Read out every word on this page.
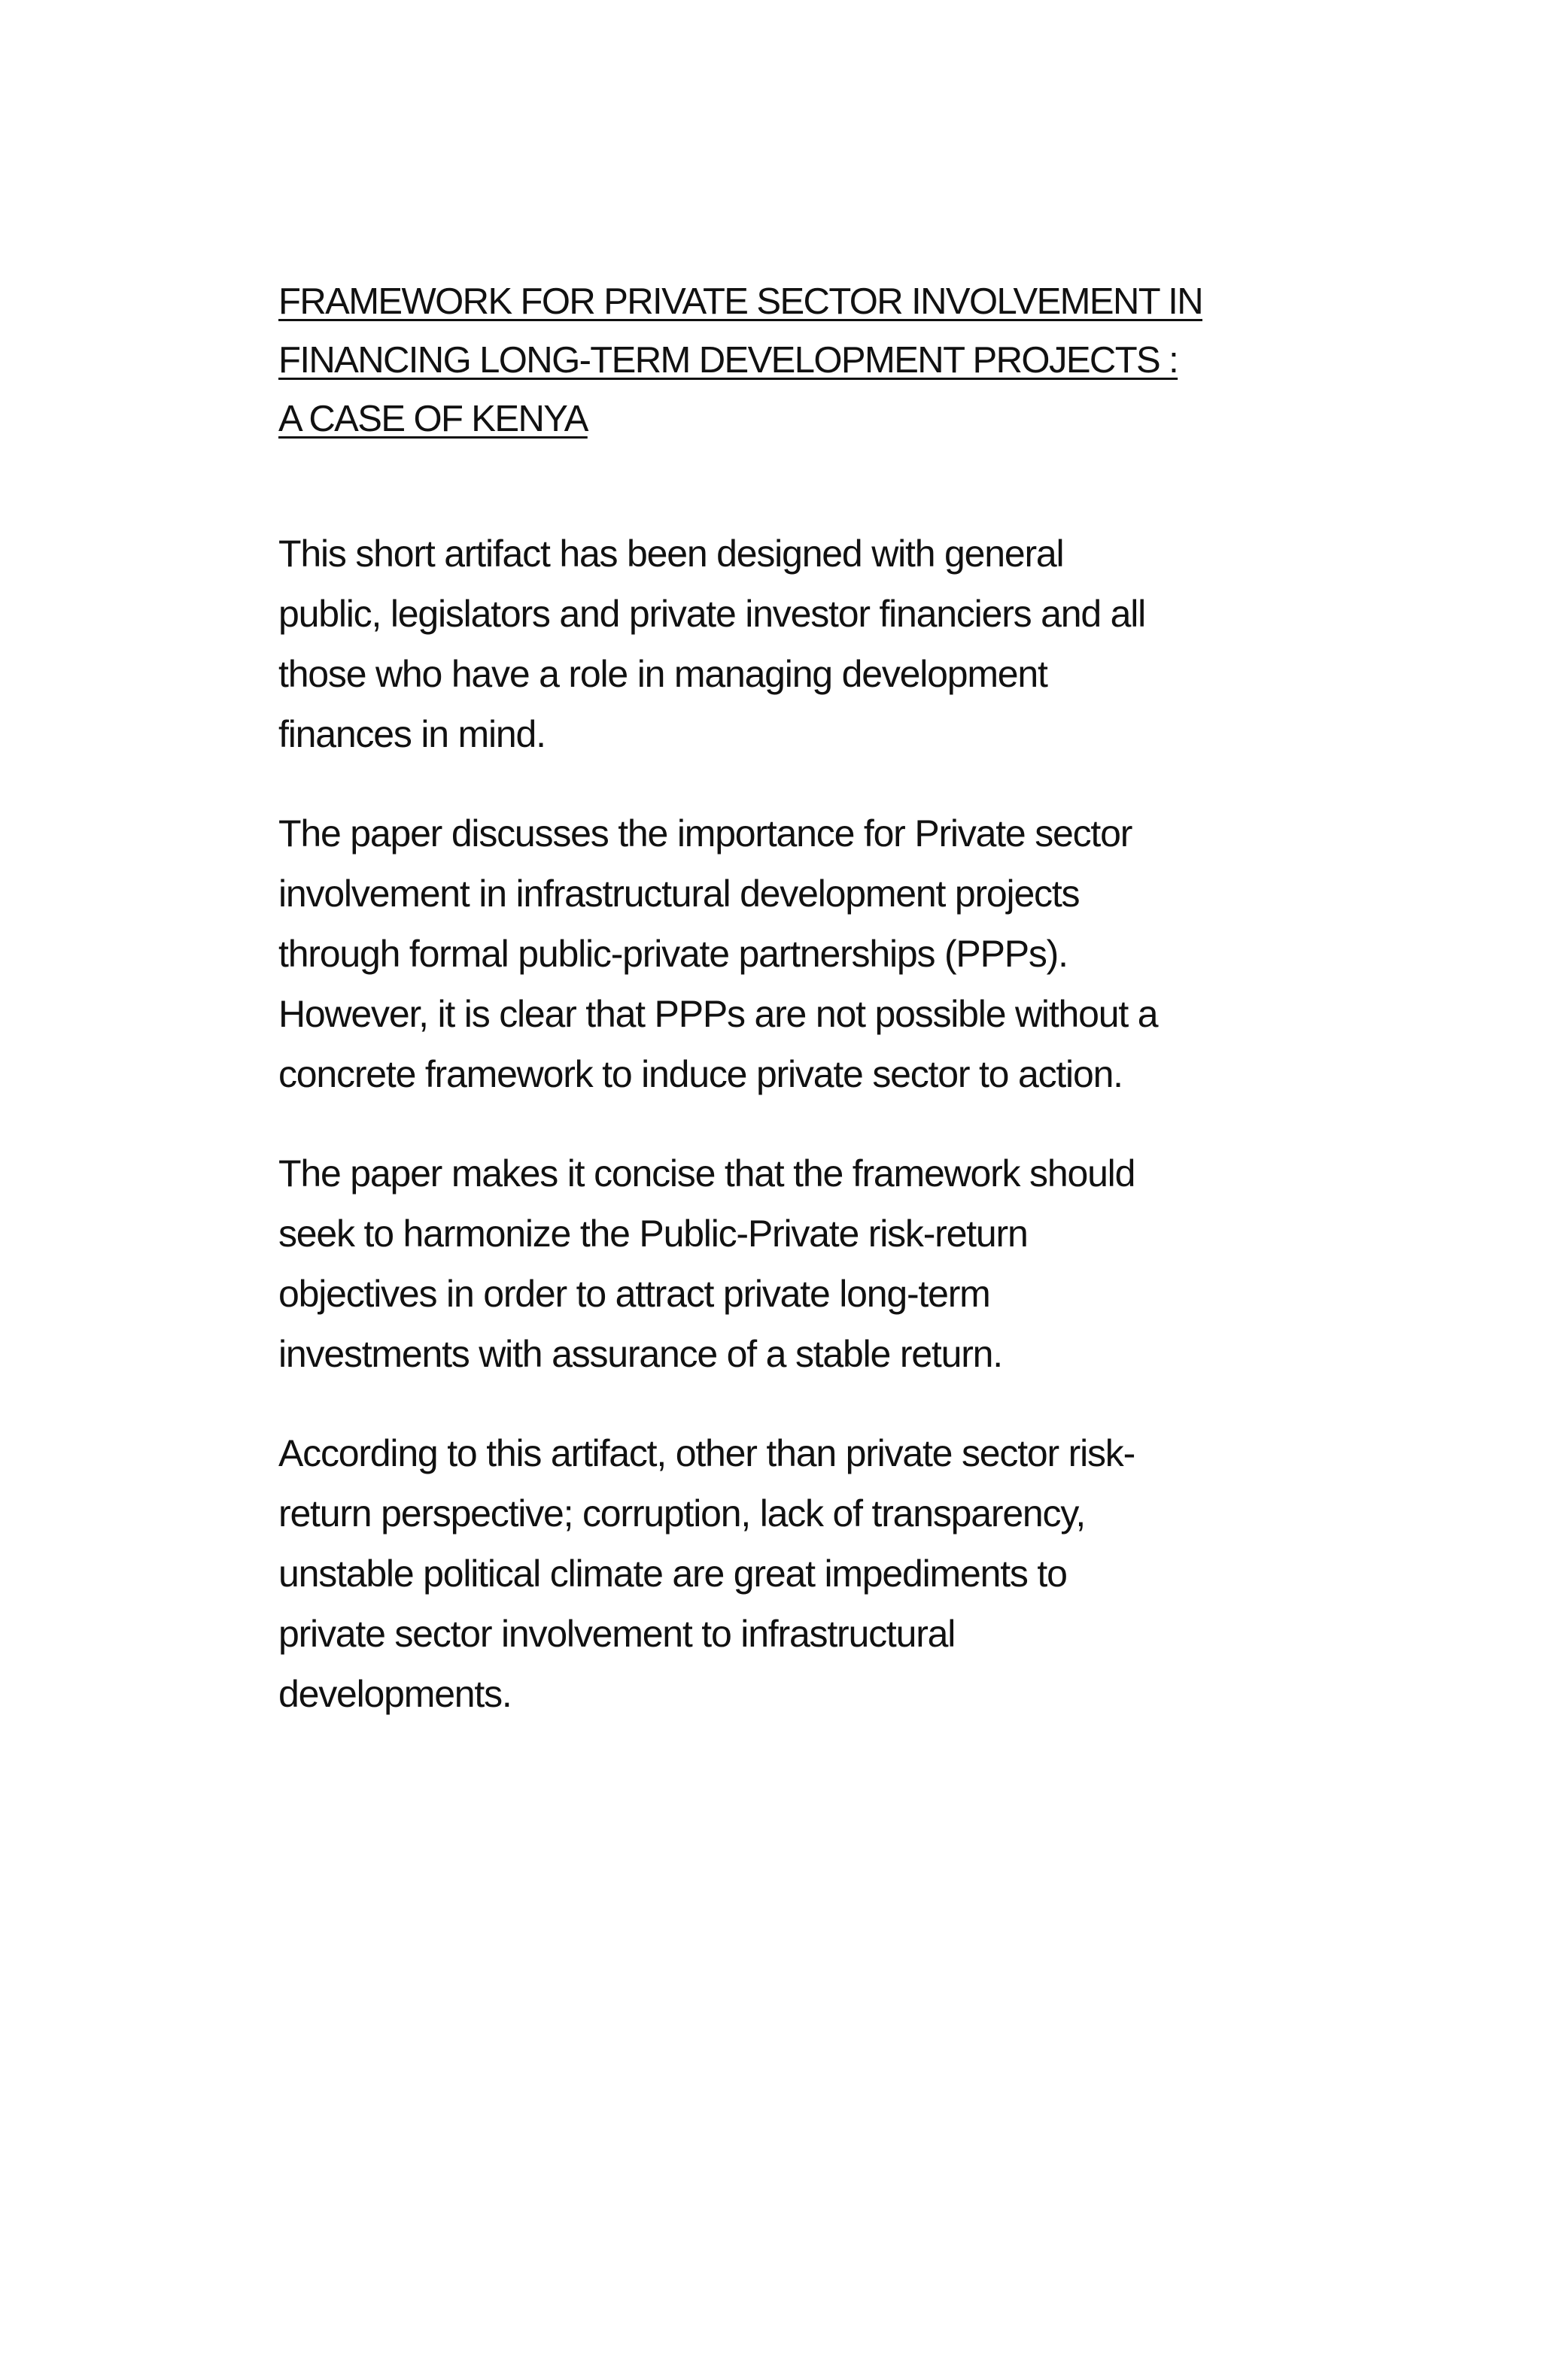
FRAMEWORK FOR PRIVATE SECTOR INVOLVEMENT IN
FINANCING LONG-TERM DEVELOPMENT PROJECTS :
A CASE OF KENYA
This short artifact has been designed with general
public, legislators and private investor financiers and all
those who have a role in managing development
finances in mind.
The paper discusses the importance for Private sector
involvement in infrastructural development projects
through formal public-private partnerships (PPPs).
However, it is clear that PPPs are not possible without a
concrete framework to induce private sector to action.
The paper makes it concise that the framework should
seek to harmonize the Public-Private risk-return
objectives in order to attract private long-term
investments with assurance of a stable return.
According to this artifact, other than private sector risk-
return perspective; corruption, lack of transparency,
unstable political climate are great impediments to
private sector involvement to infrastructural
developments.
